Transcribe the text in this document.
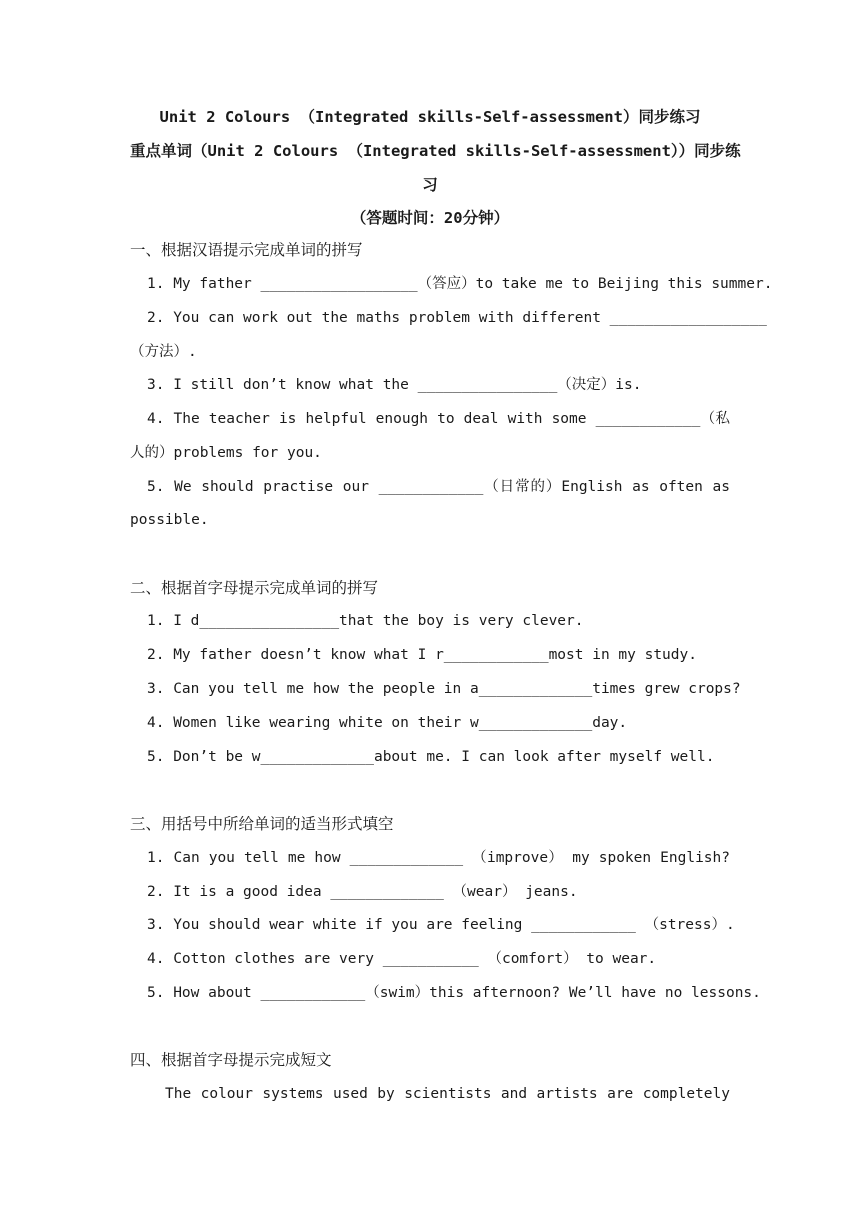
Unit 2 Colours （Integrated skills-Self-assessment）同步练习
重点单词（Unit 2 Colours （Integrated skills-Self-assessment））同步练
习
（答题时间：20分钟）
一、根据汉语提示完成单词的拼写
1. My father __________________（答应）to take me to Beijing this summer.
2. You can work out the maths problem with different __________________
（方法）.
3. I still don’t know what the ________________（决定）is.
4. The teacher is helpful enough to deal with some ____________（私
人的）problems for you.
5. We should practise our ____________（日常的）English as often as
possible.
二、根据首字母提示完成单词的拼写
1. I d________________that the boy is very clever.
2. My father doesn’t know what I r____________most in my study.
3. Can you tell me how the people in a_____________times grew crops?
4. Women like wearing white on their w_____________day.
5. Don’t be w_____________about me. I can look after myself well.
三、用括号中所给单词的适当形式填空
1. Can you tell me how _____________ （improve） my spoken English?
2. It is a good idea _____________ （wear） jeans.
3. You should wear white if you are feeling ____________ （stress）.
4. Cotton clothes are very ___________ （comfort） to wear.
5. How about ____________（swim）this afternoon? We’ll have no lessons.
四、根据首字母提示完成短文
The colour systems used by scientists and artists are completely
